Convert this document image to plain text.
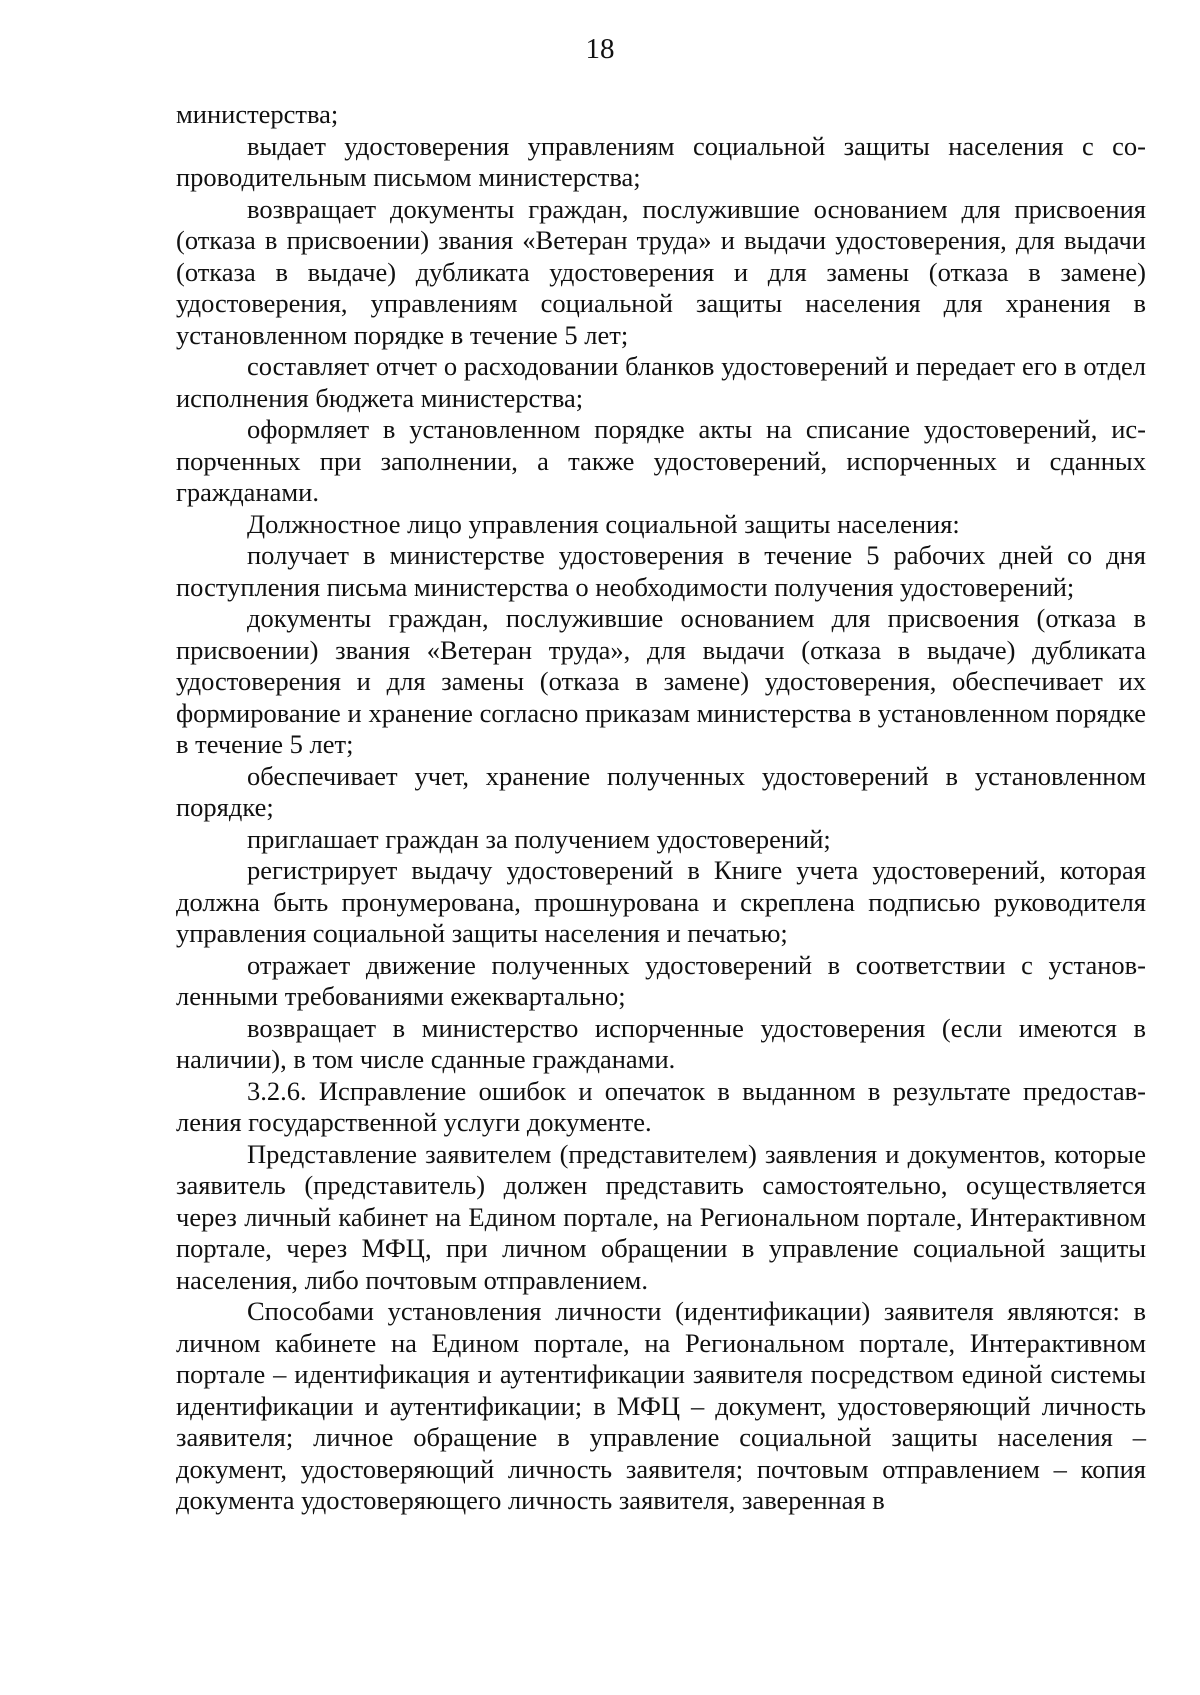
18

министерства;

выдает удостоверения управлениям социальной защиты населения с сопроводительным письмом министерства;

возвращает документы граждан, послужившие основанием для присвоения (отказа в присвоении) звания «Ветеран труда» и выдачи удостоверения, для выдачи (отказа в выдаче) дубликата удостоверения и для замены (отказа в замене) удостоверения, управлениям социальной защиты населения для хранения в установленном порядке в течение 5 лет;

составляет отчет о расходовании бланков удостоверений и передает его в отдел исполнения бюджета министерства;

оформляет в установленном порядке акты на списание удостоверений, испорченных при заполнении, а также удостоверений, испорченных и сданных гражданами.

Должностное лицо управления социальной защиты населения:

получает в министерстве удостоверения в течение 5 рабочих дней со дня поступления письма министерства о необходимости получения удостоверений;

документы граждан, послужившие основанием для присвоения (отказа в присвоении) звания «Ветеран труда», для выдачи (отказа в выдаче) дубликата удостоверения и для замены (отказа в замене) удостоверения, обеспечивает их формирование и хранение согласно приказам министерства в установленном порядке в течение 5 лет;

обеспечивает учет, хранение полученных удостоверений в установленном порядке;

приглашает граждан за получением удостоверений;

регистрирует выдачу удостоверений в Книге учета удостоверений, которая должна быть пронумерована, прошнурована и скреплена подписью руководителя управления социальной защиты населения и печатью;

отражает движение полученных удостоверений в соответствии с установленными требованиями ежеквартально;

возвращает в министерство испорченные удостоверения (если имеются в наличии), в том числе сданные гражданами.

3.2.6. Исправление ошибок и опечаток в выданном в результате предоставления государственной услуги документе.

Представление заявителем (представителем) заявления и документов, которые заявитель (представитель) должен представить самостоятельно, осуществляется через личный кабинет на Едином портале, на Региональном портале, Интерактивном портале, через МФЦ, при личном обращении в управление социальной защиты населения, либо почтовым отправлением.

Способами установления личности (идентификации) заявителя являются: в личном кабинете на Едином портале, на Региональном портале, Интерактивном портале – идентификация и аутентификации заявителя посредством единой системы идентификации и аутентификации; в МФЦ – документ, удостоверяющий личность заявителя; личное обращение в управление социальной защиты населения – документ, удостоверяющий личность заявителя; почтовым отправлением – копия документа удостоверяющего личность заявителя, заверенная в
